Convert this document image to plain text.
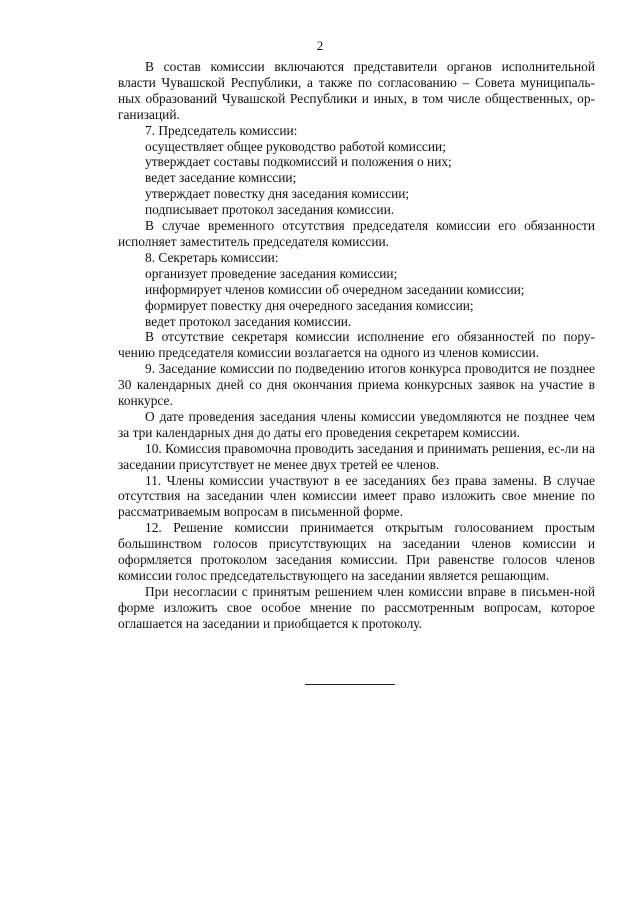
2

В состав комиссии включаются представители органов исполнительной власти Чувашской Республики, а также по согласованию – Совета муниципаль-ных образований Чувашской Республики и иных, в том числе общественных, ор-ганизаций.

7. Председатель комиссии:

осуществляет общее руководство работой комиссии;

утверждает составы подкомиссий и положения о них;

ведет заседание комиссии;

утверждает повестку дня заседания комиссии;

подписывает протокол заседания комиссии.

В случае временного отсутствия председателя комиссии его обязанности исполняет заместитель председателя комиссии.

8. Секретарь комиссии:

организует проведение заседания комиссии;

информирует членов комиссии об очередном заседании комиссии;

формирует повестку дня очередного заседания комиссии;

ведет протокол заседания комиссии.

В отсутствие секретаря комиссии исполнение его обязанностей по пору-чению председателя комиссии возлагается на одного из членов комиссии.

9. Заседание комиссии по подведению итогов конкурса проводится не позднее 30 календарных дней со дня окончания приема конкурсных заявок на участие в конкурсе.

О дате проведения заседания члены комиссии уведомляются не позднее чем за три календарных дня до даты его проведения секретарем комиссии.

10. Комиссия правомочна проводить заседания и принимать решения, ес-ли на заседании присутствует не менее двух третей ее членов.

11. Члены комиссии участвуют в ее заседаниях без права замены. В случае отсутствия на заседании член комиссии имеет право изложить свое мнение по рассматриваемым вопросам в письменной форме.

12. Решение комиссии принимается открытым голосованием простым большинством голосов присутствующих на заседании членов комиссии и оформляется протоколом заседания комиссии. При равенстве голосов членов комиссии голос председательствующего на заседании является решающим.

При несогласии с принятым решением член комиссии вправе в письмен-ной форме изложить свое особое мнение по рассмотренным вопросам, которое оглашается на заседании и приобщается к протоколу.
